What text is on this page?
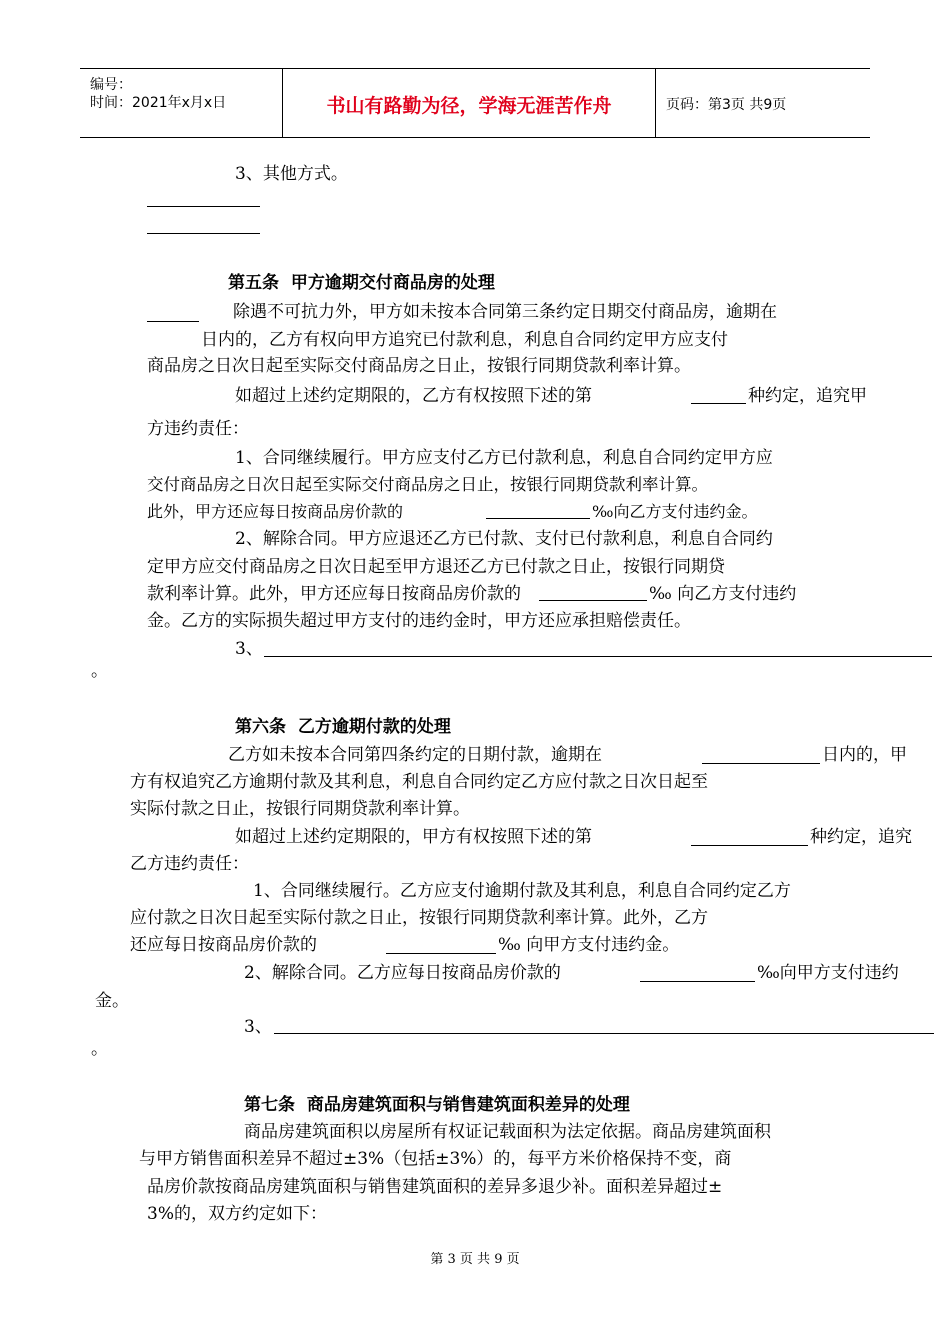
编号：
时间：2021年x月x日	书山有路勤为径，学海无涯苦作舟	页码：第3页 共9页
3、其他方式。
第五条  甲方逾期交付商品房的处理
除遇不可抗力外，甲方如未按本合同第三条约定日期交付商品房，逾期在
日内的，乙方有权向甲方追究已付款利息，利息自合同约定甲方应支付
商品房之日次日起至实际交付商品房之日止，按银行同期贷款利率计算。
如超过上述约定期限的，乙方有权按照下述的第	种约定，追究甲
方违约责任：
1、合同继续履行。甲方应支付乙方已付款利息，利息自合同约定甲方应
交付商品房之日次日起至实际交付商品房之日止，按银行同期贷款利率计算。
此外，甲方还应每日按商品房价款的	‰向乙方支付违约金。
2、解除合同。甲方应退还乙方已付款、支付已付款利息，利息自合同约
定甲方应交付商品房之日次日起至甲方退还乙方已付款之日止，按银行同期贷
款利率计算。此外，甲方还应每日按商品房价款的	‰ 向乙方支付违约
金。乙方的实际损失超过甲方支付的违约金时，甲方还应承担赔偿责任。
3、
。
第六条  乙方逾期付款的处理
乙方如未按本合同第四条约定的日期付款，逾期在	日内的，甲
方有权追究乙方逾期付款及其利息，利息自合同约定乙方应付款之日次日起至
实际付款之日止，按银行同期贷款利率计算。
如超过上述约定期限的，甲方有权按照下述的第	种约定，追究
乙方违约责任：
1、合同继续履行。乙方应支付逾期付款及其利息，利息自合同约定乙方
应付款之日次日起至实际付款之日止，按银行同期贷款利率计算。此外，乙方
还应每日按商品房价款的	‰ 向甲方支付违约金。
2、解除合同。乙方应每日按商品房价款的	‰向甲方支付违约
金。
3、
。
第七条  商品房建筑面积与销售建筑面积差异的处理
商品房建筑面积以房屋所有权证记载面积为法定依据。商品房建筑面积
与甲方销售面积差异不超过±3%（包括±3%）的，每平方米价格保持不变，商
品房价款按商品房建筑面积与销售建筑面积的差异多退少补。面积差异超过±
3%的，双方约定如下：
第 3 页 共 9 页
